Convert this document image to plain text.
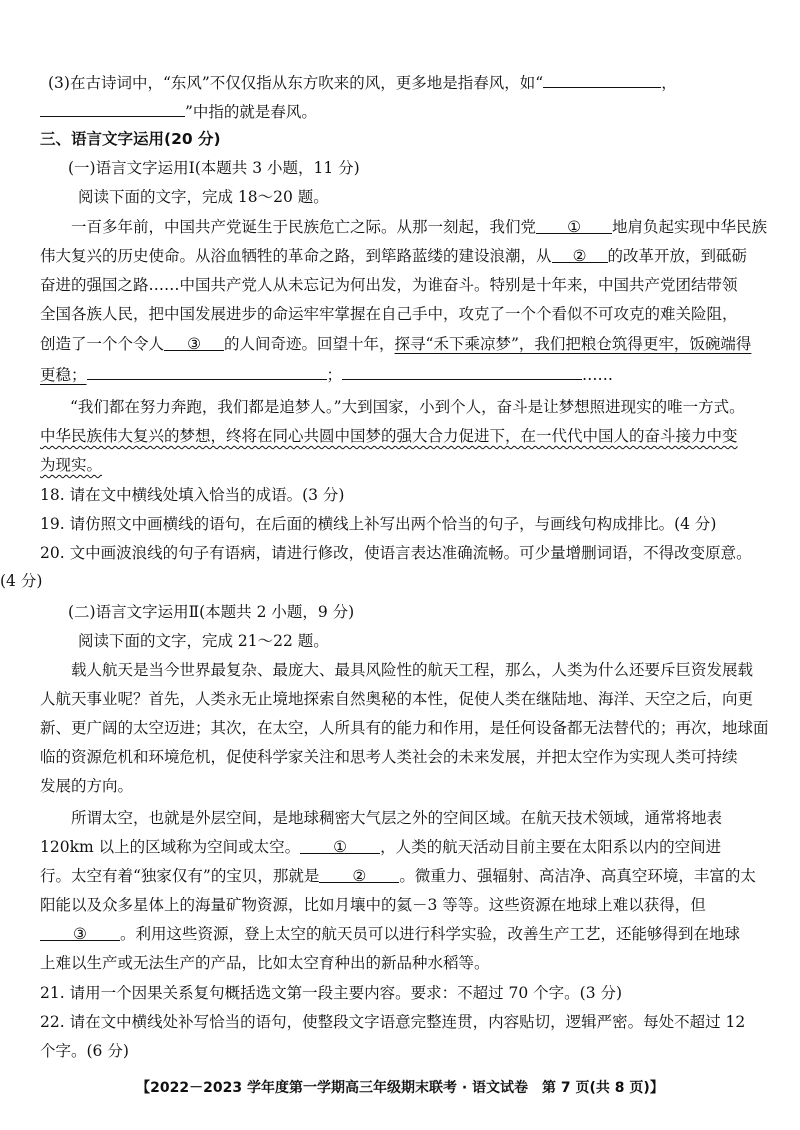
(3)在古诗词中，“东风”不仅仅指从东方吹来的风，更多地是指春风，如“	，
”中指的就是春风。
三、语言文字运用(20 分)
(一)语言文字运用Ⅰ(本题共 3 小题，11 分)
阅读下面的文字，完成 18～20 题。
一百多年前，中国共产党诞生于民族危亡之际。从那一刻起，我们党 ① 地肩负起实现中华民族
伟大复兴的历史使命。从浴血牺牲的革命之路，到筚路蓝缕的建设浪潮，从 ② 的改革开放，到砥砺
奋进的强国之路……中国共产党人从未忘记为何出发，为谁奋斗。特别是十年来，中国共产党团结带领
全国各族人民，把中国发展进步的命运牢牢掌握在自己手中，攻克了一个个看似不可攻克的难关险阻，
创造了一个个令人 ③ 的人间奇迹。回望十年，探寻“禾下乘凉梦”，我们把粮仓筑得更牢，饭碗端得
更稳；	；	……
“我们都在努力奔跑，我们都是追梦人。”大到国家，小到个人，奋斗是让梦想照进现实的唯一方式。
中华民族伟大复兴的梦想，终将在同心共圆中国梦的强大合力促进下，在一代代中国人的奋斗接力中变
为现实。
18. 请在文中横线处填入恰当的成语。(3 分)
19. 请仿照文中画横线的语句，在后面的横线上补写出两个恰当的句子，与画线句构成排比。(4 分)
20. 文中画波浪线的句子有语病，请进行修改，使语言表达准确流畅。可少量增删词语，不得改变原意。
(4 分)
(二)语言文字运用Ⅱ(本题共 2 小题，9 分)
阅读下面的文字，完成 21～22 题。
载人航天是当今世界最复杂、最庞大、最具风险性的航天工程，那么，人类为什么还要斥巨资发展载
人航天事业呢？首先，人类永无止境地探索自然奥秘的本性，促使人类在继陆地、海洋、天空之后，向更
新、更广阔的太空迈进；其次，在太空，人所具有的能力和作用，是任何设备都无法替代的；再次，地球面
临的资源危机和环境危机，促使科学家关注和思考人类社会的未来发展，并把太空作为实现人类可持续
发展的方向。
所谓太空，也就是外层空间，是地球稠密大气层之外的空间区域。在航天技术领域，通常将地表
120km 以上的区域称为空间或太空。 ① ，人类的航天活动目前主要在太阳系以内的空间进
行。太空有着“独家仅有”的宝贝，那就是 ② 。微重力、强辐射、高洁净、高真空环境，丰富的太
阳能以及众多星体上的海量矿物资源，比如月壤中的氦－3 等等。这些资源在地球上难以获得，但
③ 。利用这些资源，登上太空的航天员可以进行科学实验，改善生产工艺，还能够得到在地球
上难以生产或无法生产的产品，比如太空育种出的新品种水稻等。
21. 请用一个因果关系复句概括选文第一段主要内容。要求：不超过 70 个字。(3 分)
22. 请在文中横线处补写恰当的语句，使整段文字语意完整连贯，内容贴切，逻辑严密。每处不超过 12
个字。(6 分)
【2022－2023 学年度第一学期高三年级期末联考 · 语文试卷　第 7 页(共 8 页)】
